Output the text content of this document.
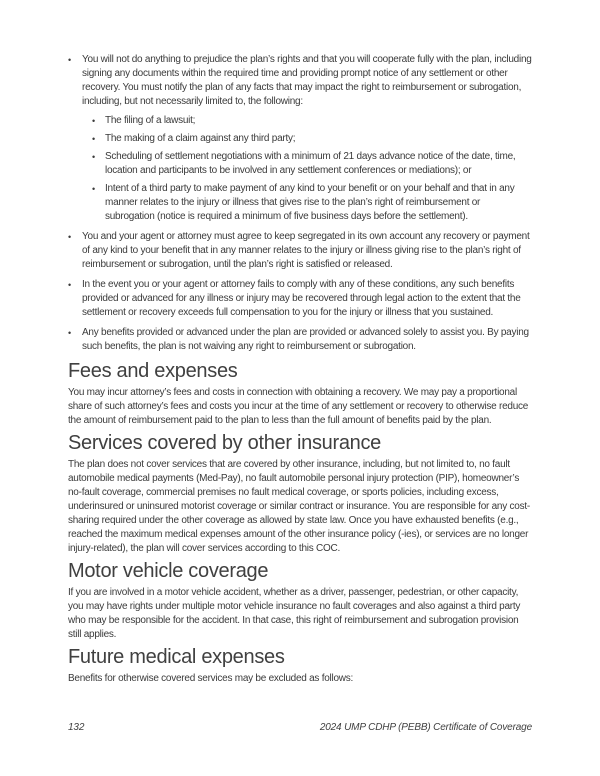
•	You will not do anything to prejudice the plan’s rights and that you will cooperate fully with the plan, including signing any documents within the required time and providing prompt notice of any settlement or other recovery. You must notify the plan of any facts that may impact the right to reimbursement or subrogation, including, but not necessarily limited to, the following:
•	The filing of a lawsuit;
•	The making of a claim against any third party;
•	Scheduling of settlement negotiations with a minimum of 21 days advance notice of the date, time, location and participants to be involved in any settlement conferences or mediations); or
•	Intent of a third party to make payment of any kind to your benefit or on your behalf and that in any manner relates to the injury or illness that gives rise to the plan’s right of reimbursement or subrogation (notice is required a minimum of five business days before the settlement).
•	You and your agent or attorney must agree to keep segregated in its own account any recovery or payment of any kind to your benefit that in any manner relates to the injury or illness giving rise to the plan’s right of reimbursement or subrogation, until the plan’s right is satisfied or released.
•	In the event you or your agent or attorney fails to comply with any of these conditions, any such benefits provided or advanced for any illness or injury may be recovered through legal action to the extent that the settlement or recovery exceeds full compensation to you for the injury or illness that you sustained.
•	Any benefits provided or advanced under the plan are provided or advanced solely to assist you. By paying such benefits, the plan is not waiving any right to reimbursement or subrogation.
Fees and expenses

You may incur attorney’s fees and costs in connection with obtaining a recovery. We may pay a proportional share of such attorney’s fees and costs you incur at the time of any settlement or recovery to otherwise reduce the amount of reimbursement paid to the plan to less than the full amount of benefits paid by the plan.

Services covered by other insurance

The plan does not cover services that are covered by other insurance, including, but not limited to, no fault automobile medical payments (Med-Pay), no fault automobile personal injury protection (PIP), homeowner’s no-fault coverage, commercial premises no fault medical coverage, or sports policies, including excess, underinsured or uninsured motorist coverage or similar contract or insurance. You are responsible for any cost-sharing required under the other coverage as allowed by state law. Once you have exhausted benefits (e.g., reached the maximum medical expenses amount of the other insurance policy (-ies), or services are no longer injury-related), the plan will cover services according to this COC.

Motor vehicle coverage

If you are involved in a motor vehicle accident, whether as a driver, passenger, pedestrian, or other capacity, you may have rights under multiple motor vehicle insurance no fault coverages and also against a third party who may be responsible for the accident. In that case, this right of reimbursement and subrogation provision still applies.

Future medical expenses

Benefits for otherwise covered services may be excluded as follows:

132	2024 UMP CDHP (PEBB) Certificate of Coverage
